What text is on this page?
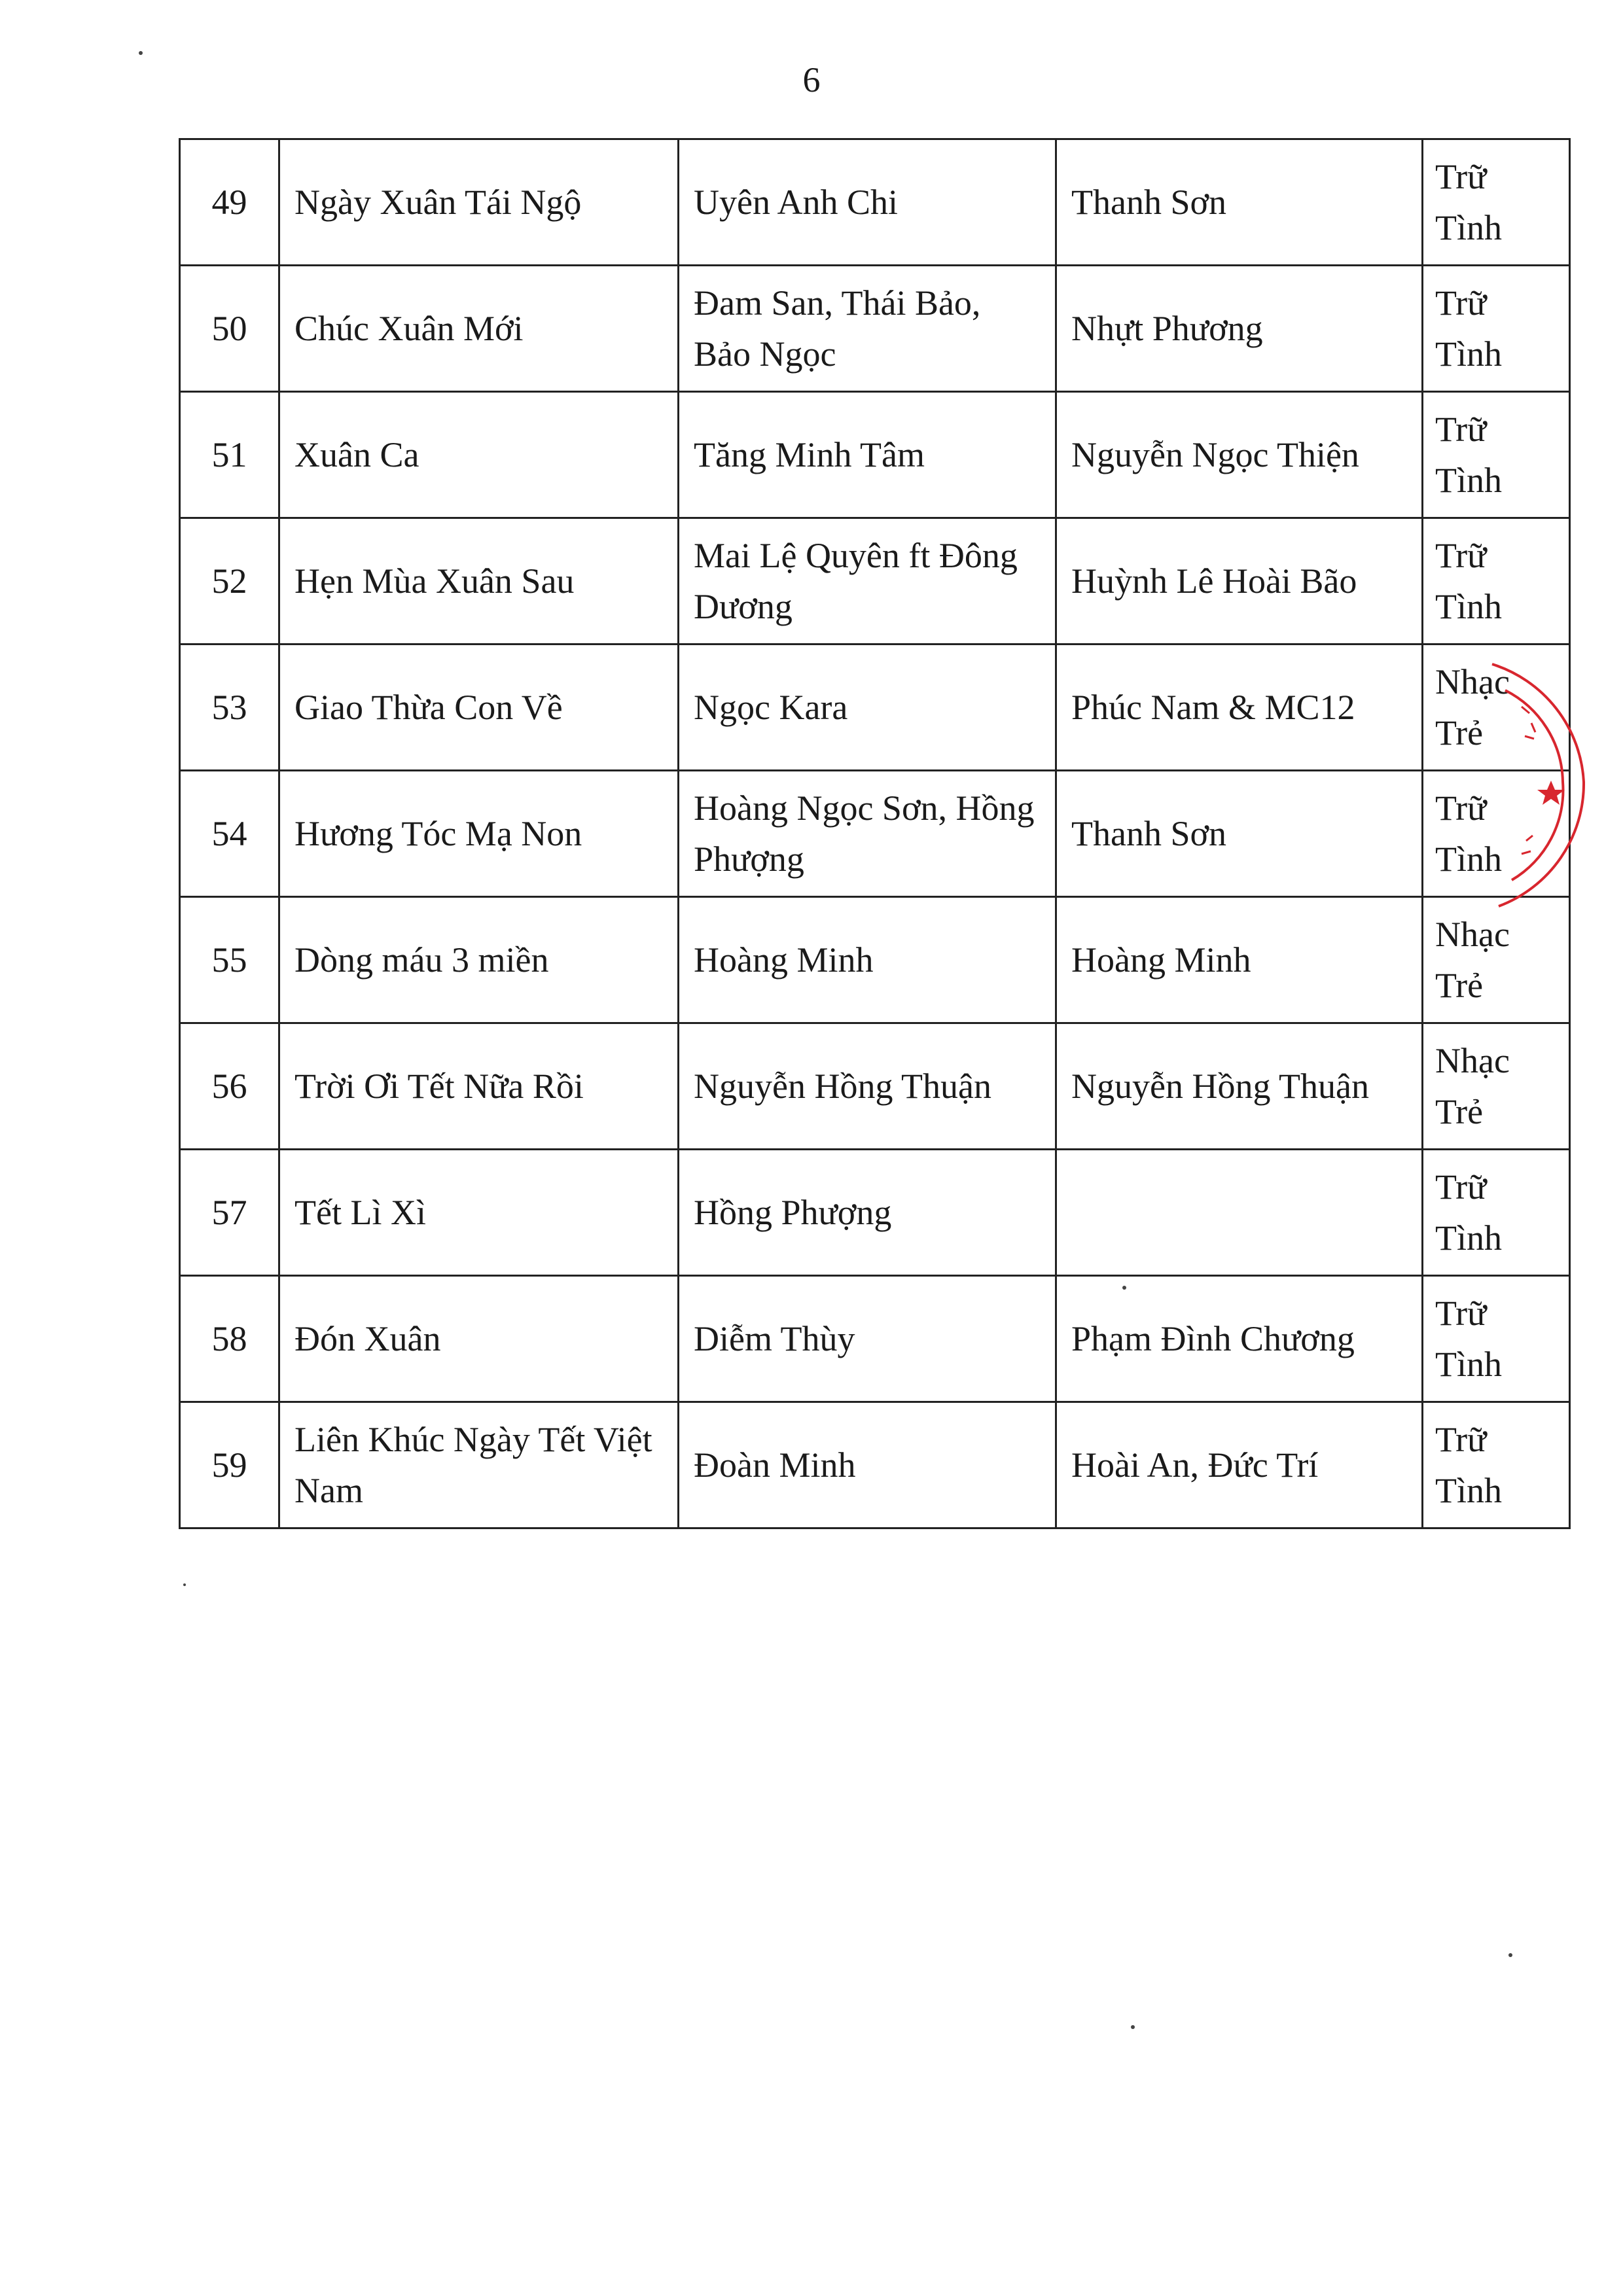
6
49	Ngày Xuân Tái Ngộ	Uyên Anh Chi	Thanh Sơn	Trữ
Tình

50	Chúc Xuân Mới	Đam San, Thái Bảo, Bảo Ngọc	Nhựt Phương	Trữ
Tình

51	Xuân Ca	Tăng Minh Tâm	Nguyễn Ngọc Thiện	Trữ
Tình

52	Hẹn Mùa Xuân Sau	Mai Lệ Quyên ft Đông Dương	Huỳnh Lê Hoài Bão	Trữ
Tình

53	Giao Thừa Con Về	Ngọc Kara	Phúc Nam & MC12	Nhạc
Trẻ

54	Hương Tóc Mạ Non	Hoàng Ngọc Sơn, Hồng Phượng	Thanh Sơn	Trữ
Tình

55	Dòng máu 3 miền	Hoàng Minh	Hoàng Minh	Nhạc
Trẻ

56	Trời Ơi Tết Nữa Rồi	Nguyễn Hồng Thuận	Nguyễn Hồng Thuận	Nhạc
Trẻ

57	Tết Lì Xì	Hồng Phượng		Trữ
Tình

58	Đón Xuân	Diễm Thùy	Phạm Đình Chương	Trữ
Tình

59	Liên Khúc Ngày Tết Việt Nam	Đoàn Minh	Hoài An, Đức Trí	Trữ
Tình
